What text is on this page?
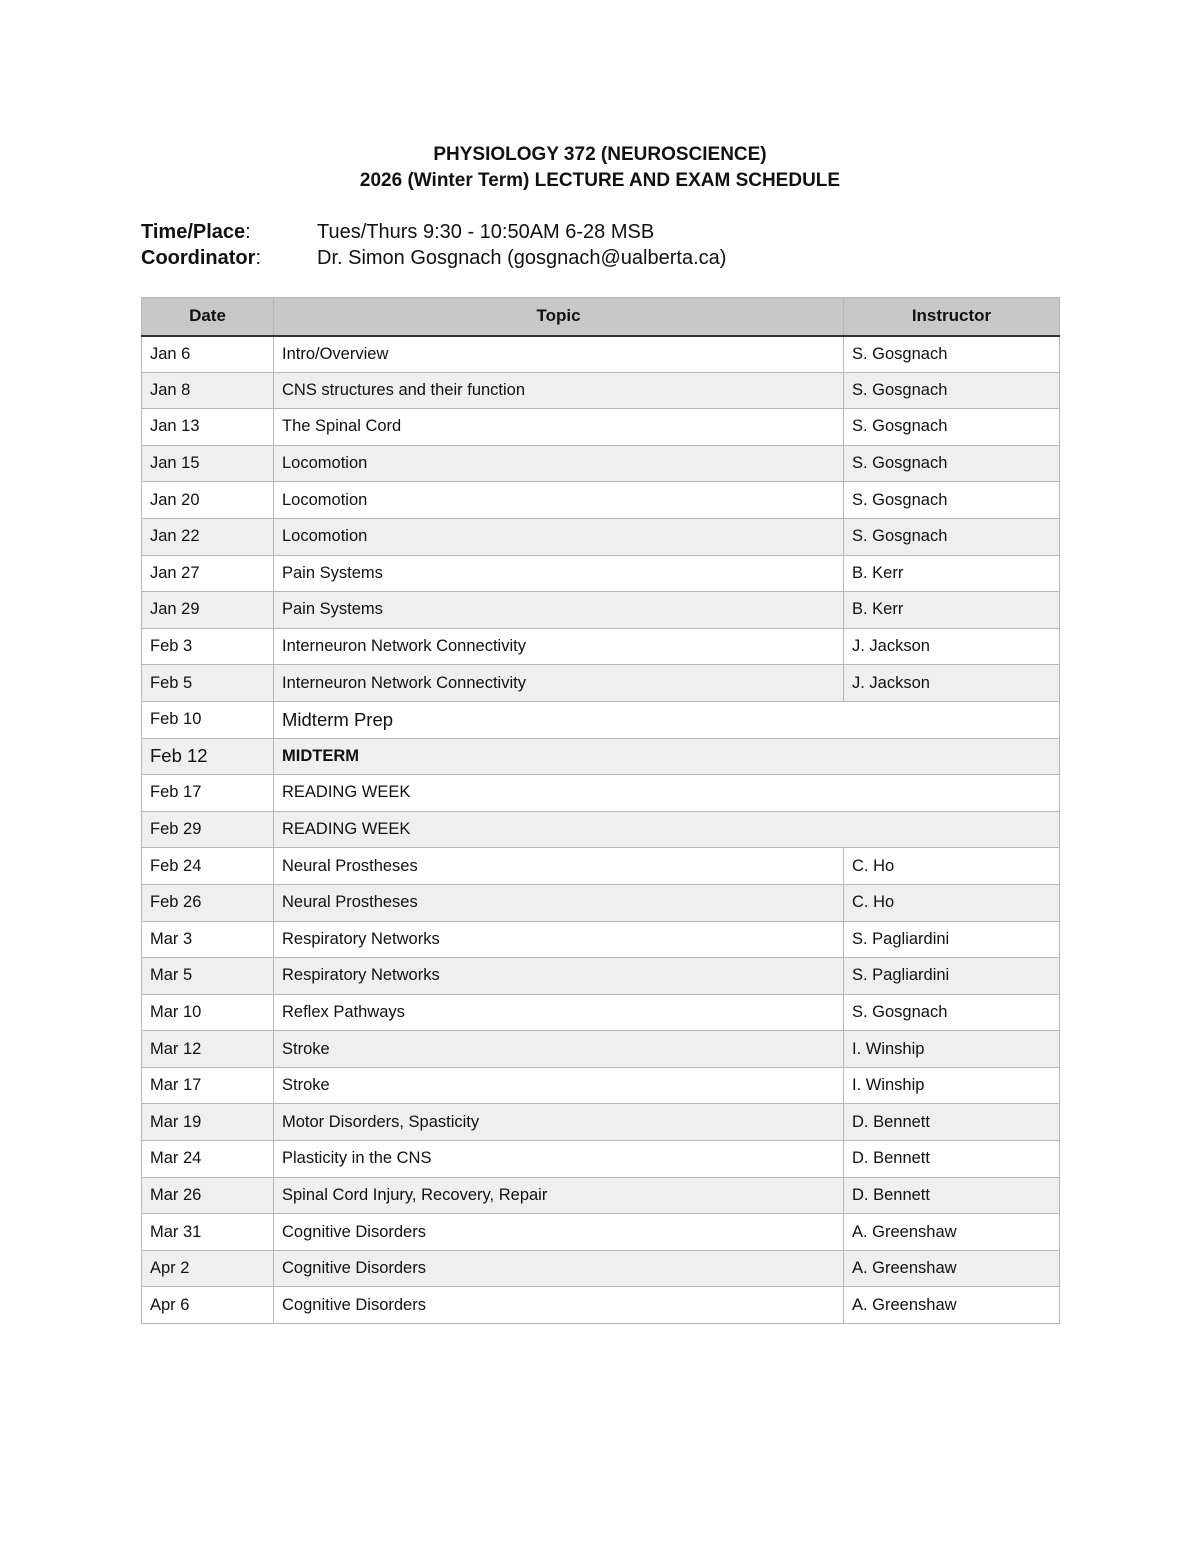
PHYSIOLOGY 372 (NEUROSCIENCE)
2026 (Winter Term) LECTURE AND EXAM SCHEDULE
Time/Place:	Tues/Thurs 9:30 - 10:50AM 6-28 MSB
Coordinator:	Dr. Simon Gosgnach (gosgnach@ualberta.ca)
Date	Topic	Instructor
Jan 6	Intro/Overview	S. Gosgnach
Jan 8	CNS structures and their function	S. Gosgnach
Jan 13	The Spinal Cord	S. Gosgnach
Jan 15	Locomotion	S. Gosgnach
Jan 20	Locomotion	S. Gosgnach
Jan 22	Locomotion	S. Gosgnach
Jan 27	Pain Systems	B. Kerr
Jan 29	Pain Systems	B. Kerr
Feb 3	Interneuron Network Connectivity	J. Jackson
Feb 5	Interneuron Network Connectivity	J. Jackson
Feb 10	Midterm Prep	
Feb 12	MIDTERM	
Feb 17	READING WEEK	
Feb 29	READING WEEK	
Feb 24	Neural Prostheses	C. Ho
Feb 26	Neural Prostheses	C. Ho
Mar 3	Respiratory Networks	S. Pagliardini
Mar 5	Respiratory Networks	S. Pagliardini
Mar 10	Reflex Pathways	S. Gosgnach
Mar 12	Stroke	I. Winship
Mar 17	Stroke	I. Winship
Mar 19	Motor Disorders, Spasticity	D. Bennett
Mar 24	Plasticity in the CNS	D. Bennett
Mar 26	Spinal Cord Injury, Recovery, Repair	D. Bennett
Mar 31	Cognitive Disorders	A. Greenshaw
Apr 2	Cognitive Disorders	A. Greenshaw
Apr 6	Cognitive Disorders	A. Greenshaw
